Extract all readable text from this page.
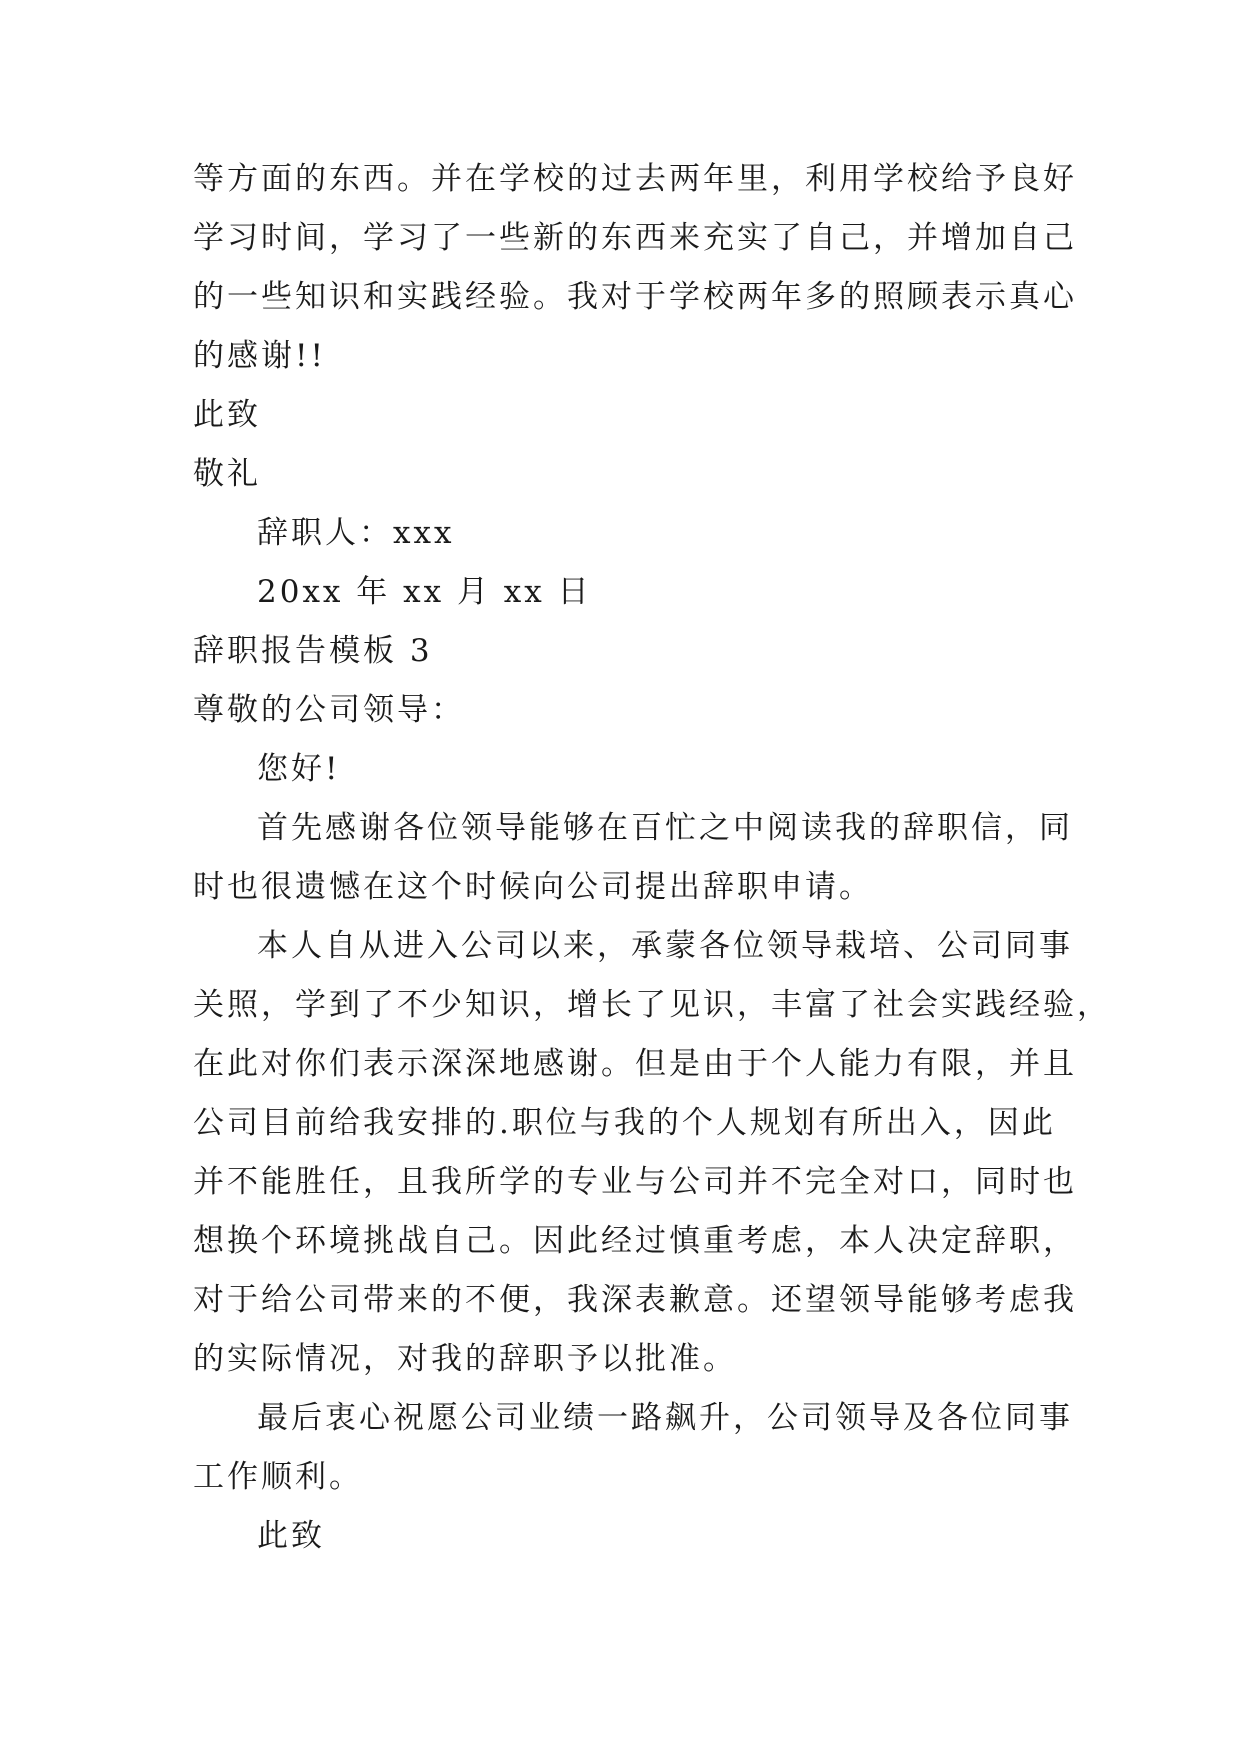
等方面的东西。并在学校的过去两年里，利用学校给予良好
学习时间，学习了一些新的东西来充实了自己，并增加自己
的一些知识和实践经验。我对于学校两年多的照顾表示真心
的感谢!!
此致
敬礼
辞职人：xxx
20xx 年 xx 月 xx 日
辞职报告模板 3
尊敬的公司领导：
您好!
首先感谢各位领导能够在百忙之中阅读我的辞职信，同
时也很遗憾在这个时候向公司提出辞职申请。
本人自从进入公司以来，承蒙各位领导栽培、公司同事
关照，学到了不少知识，增长了见识，丰富了社会实践经验，
在此对你们表示深深地感谢。但是由于个人能力有限，并且
公司目前给我安排的.职位与我的个人规划有所出入，因此
并不能胜任，且我所学的专业与公司并不完全对口，同时也
想换个环境挑战自己。因此经过慎重考虑，本人决定辞职，
对于给公司带来的不便，我深表歉意。还望领导能够考虑我
的实际情况，对我的辞职予以批准。
最后衷心祝愿公司业绩一路飙升，公司领导及各位同事
工作顺利。
此致
